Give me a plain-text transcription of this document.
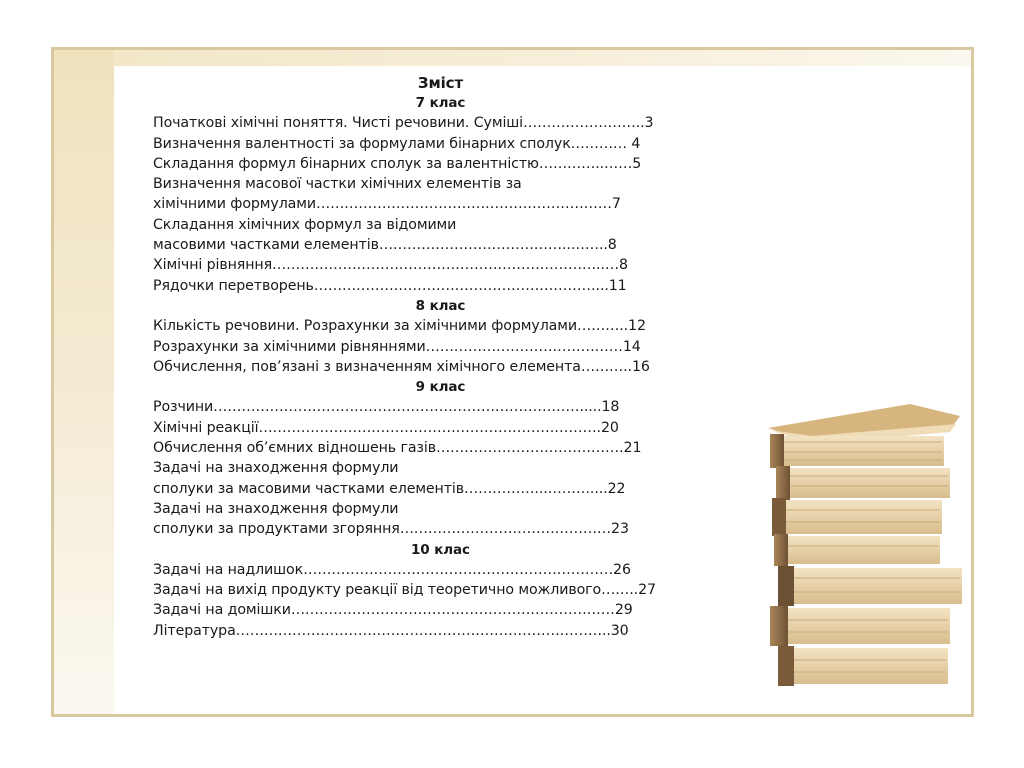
Зміст
7 клас
Початкові хімічні поняття. Чисті речовини. Суміші……………………..3
Визначення валентності за формулами бінарних сполук………… 4
Складання формул бінарних сполук за валентністю…………..……5
Визначення масової частки хімічних елементів за
хімічними формулами………………………………………………………7
Складання хімічних формул за відомими
масовими частками елементів…………………………………..……..8
Хімічні рівняння……………………………………………………………..…8
Рядочки перетворень……………………………………………………...11
8 клас
Кількість речовини. Розрахунки за хімічними формулами………..12
Розрахунки за хімічними рівняннями……………………………………14
Обчислення, пов’язані з визначенням хімічного елемента………..16
9 клас
Розчини…………………………………………………………………….....18
Хімічні реакції……………………………………………………………….20
Обчислення об’ємних відношень газів………………………………….21
Задачі на знаходження формули
сполуки за масовими частками елементів……………...………....22
Задачі на знаходження формули
сполуки за продуктами згоряння………………………………………23
10 клас
Задачі на надлишок…………………………………………………………26
Задачі на вихід продукту реакції від теоретично можливого……..27
Задачі на домішки……………………………………………………………29
Література……………………………………………………………………..30
